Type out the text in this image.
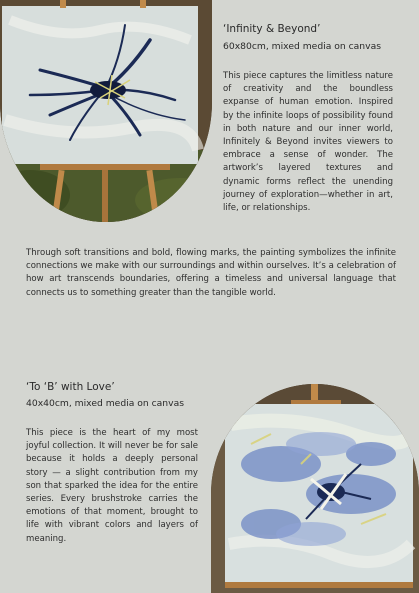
‘Infinity & Beyond’
60x80cm, mixed media on canvas

This piece captures the limitless nature of creativity and the boundless expanse of human emotion. Inspired by the infinite loops of possibility found in both nature and our inner world, Infinitely & Beyond invites viewers to embrace a sense of wonder. The artwork’s layered textures and dynamic forms reflect the unending journey of exploration—whether in art, life, or relationships.

Through soft transitions and bold, flowing marks, the painting symbolizes the infinite connections we make with our surroundings and within ourselves. It’s a celebration of how art transcends boundaries, offering a timeless and universal language that connects us to something greater than the tangible world.

‘To ‘B’ with Love’
40x40cm, mixed media on canvas

This piece is the heart of my most joyful collection. It will never be for sale because it holds a deeply personal story — a slight contribution from my son that sparked the idea for the entire series. Every brushstroke carries the emotions of that moment, brought to life with vibrant colors and layers of meaning.
